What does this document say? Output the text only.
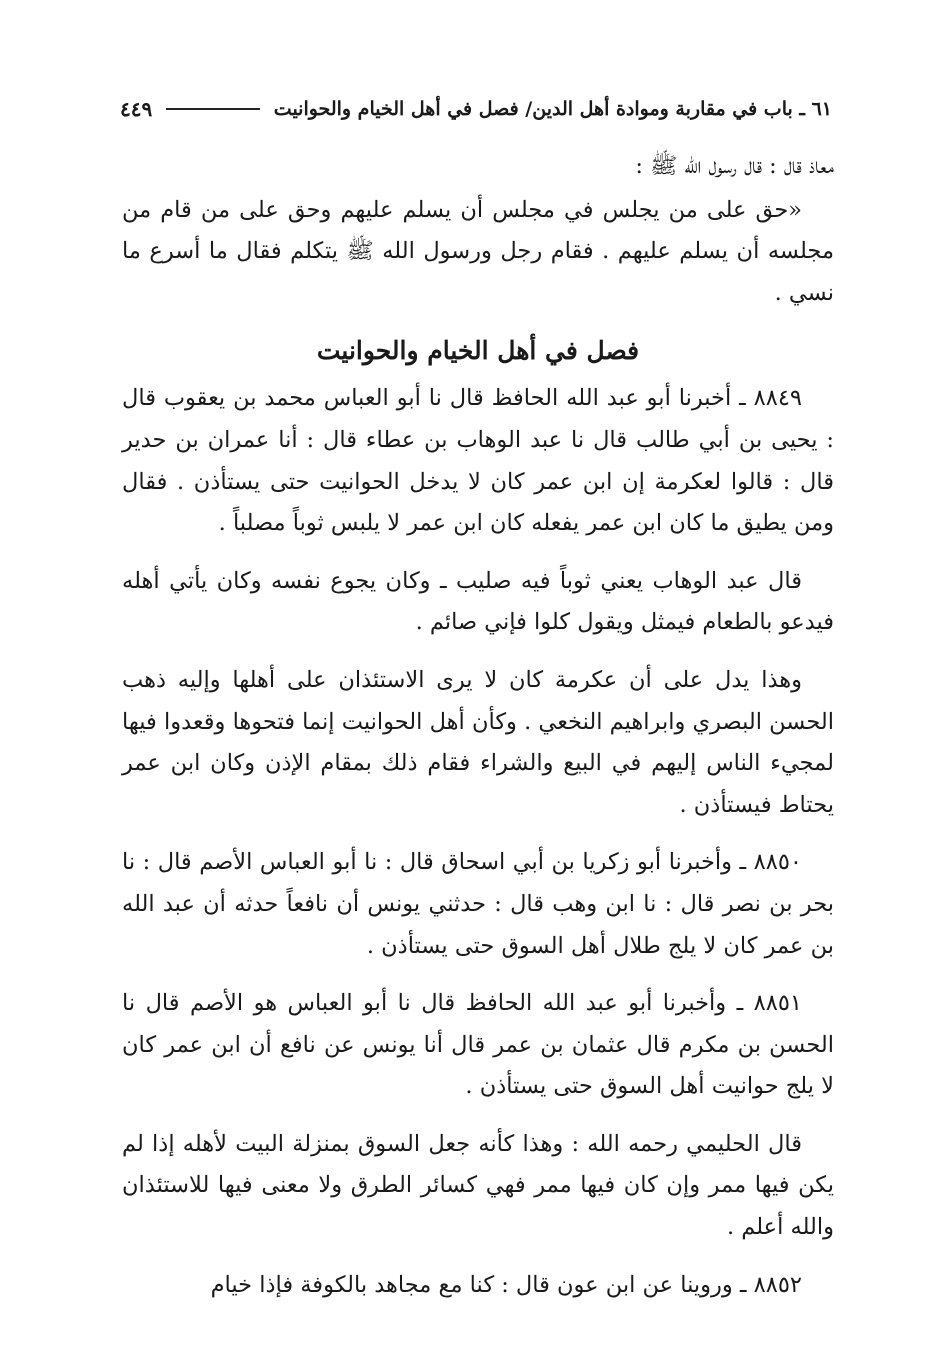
٦١ ـ باب في مقاربة وموادة أهل الدين/ فصل في أهل الخيام والحوانيت
٤٤٩

معاذ قال : قال رسول الله ﷺ :

«حق على من يجلس في مجلس أن يسلم عليهم وحق على من قام من مجلسه أن يسلم عليهم . فقام رجل ورسول الله ﷺ يتكلم فقال ما أسرع ما نسي .

فصل في أهل الخيام والحوانيت

٨٨٤٩ ـ أخبرنا أبو عبد الله الحافظ قال نا أبو العباس محمد بن يعقوب قال : يحيى بن أبي طالب قال نا عبد الوهاب بن عطاء قال : أنا عمران بن حدير قال : قالوا لعكرمة إن ابن عمر كان لا يدخل الحوانيت حتى يستأذن . فقال ومن يطيق ما كان ابن عمر يفعله كان ابن عمر لا يلبس ثوباً مصلباً .

قال عبد الوهاب يعني ثوباً فيه صليب ـ وكان يجوع نفسه وكان يأتي أهله فيدعو بالطعام فيمثل ويقول كلوا فإني صائم .

وهذا يدل على أن عكرمة كان لا يرى الاستئذان على أهلها وإليه ذهب الحسن البصري وابراهيم النخعي . وكأن أهل الحوانيت إنما فتحوها وقعدوا فيها لمجيء الناس إليهم في البيع والشراء فقام ذلك بمقام الإذن وكان ابن عمر يحتاط فيستأذن .

٨٨٥٠ ـ وأخبرنا أبو زكريا بن أبي اسحاق قال : نا أبو العباس الأصم قال : نا بحر بن نصر قال : نا ابن وهب قال : حدثني يونس أن نافعاً حدثه أن عبد الله بن عمر كان لا يلج طلال أهل السوق حتى يستأذن .

٨٨٥١ ـ وأخبرنا أبو عبد الله الحافظ قال نا أبو العباس هو الأصم قال نا الحسن بن مكرم قال عثمان بن عمر قال أنا يونس عن نافع أن ابن عمر كان لا يلج حوانيت أهل السوق حتى يستأذن .

قال الحليمي رحمه الله : وهذا كأنه جعل السوق بمنزلة البيت لأهله إذا لم يكن فيها ممر وإن كان فيها ممر فهي كسائر الطرق ولا معنى فيها للاستئذان والله أعلم .

٨٨٥٢ ـ وروينا عن ابن عون قال : كنا مع مجاهد بالكوفة فإذا خيام
